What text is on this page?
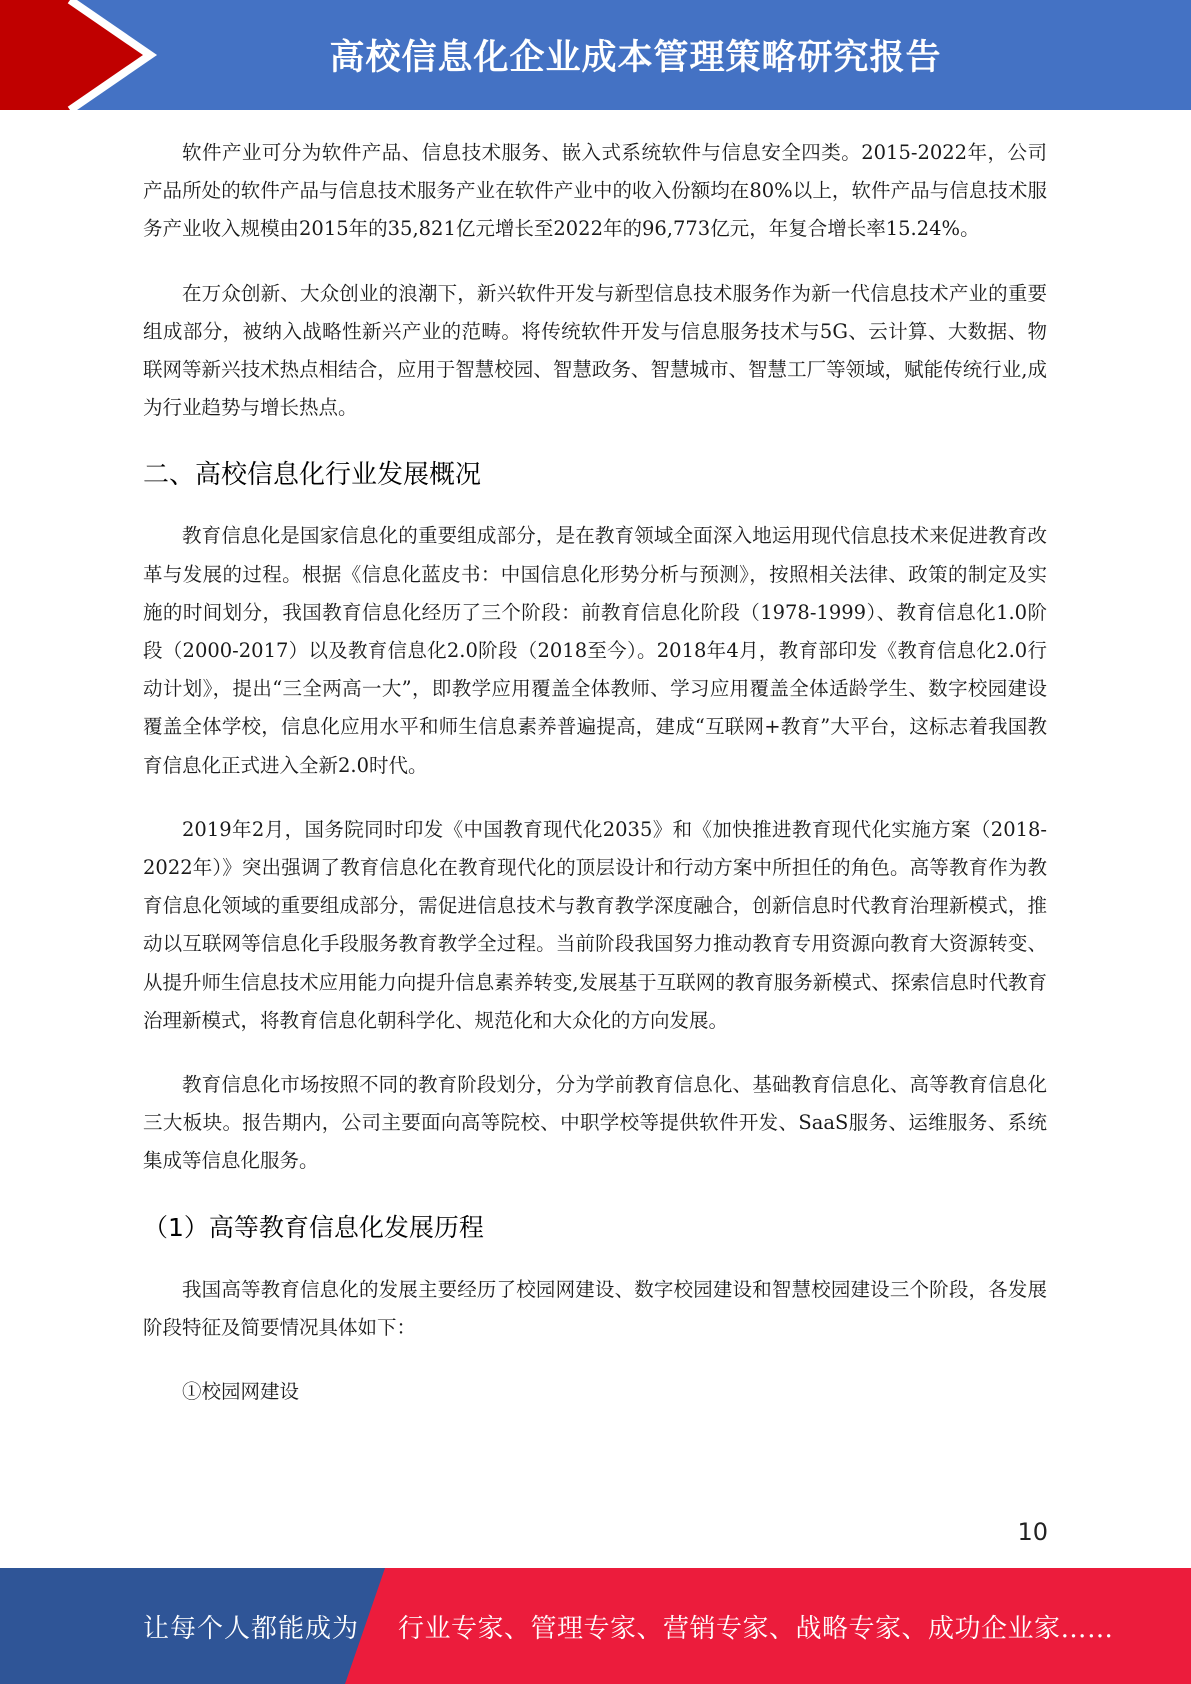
高校信息化企业成本管理策略研究报告

软件产业可分为软件产品、信息技术服务、嵌入式系统软件与信息安全四类。2015-2022年，公司产品所处的软件产品与信息技术服务产业在软件产业中的收入份额均在80%以上，软件产品与信息技术服务产业收入规模由2015年的35,821亿元增长至2022年的96,773亿元，年复合增长率15.24%。

在万众创新、大众创业的浪潮下，新兴软件开发与新型信息技术服务作为新一代信息技术产业的重要组成部分，被纳入战略性新兴产业的范畴。将传统软件开发与信息服务技术与5G、云计算、大数据、物联网等新兴技术热点相结合，应用于智慧校园、智慧政务、智慧城市、智慧工厂等领域，赋能传统行业,成为行业趋势与增长热点。

二、高校信息化行业发展概况

教育信息化是国家信息化的重要组成部分，是在教育领域全面深入地运用现代信息技术来促进教育改革与发展的过程。根据《信息化蓝皮书：中国信息化形势分析与预测》，按照相关法律、政策的制定及实施的时间划分，我国教育信息化经历了三个阶段：前教育信息化阶段（1978-1999）、教育信息化1.0阶段（2000-2017）以及教育信息化2.0阶段（2018至今）。2018年4月，教育部印发《教育信息化2.0行动计划》，提出“三全两高一大”，即教学应用覆盖全体教师、学习应用覆盖全体适龄学生、数字校园建设覆盖全体学校，信息化应用水平和师生信息素养普遍提高，建成“互联网+教育”大平台，这标志着我国教育信息化正式进入全新2.0时代。

2019年2月，国务院同时印发《中国教育现代化2035》和《加快推进教育现代化实施方案（2018-2022年）》突出强调了教育信息化在教育现代化的顶层设计和行动方案中所担任的角色。高等教育作为教育信息化领域的重要组成部分，需促进信息技术与教育教学深度融合，创新信息时代教育治理新模式，推动以互联网等信息化手段服务教育教学全过程。当前阶段我国努力推动教育专用资源向教育大资源转变、从提升师生信息技术应用能力向提升信息素养转变,发展基于互联网的教育服务新模式、探索信息时代教育治理新模式，将教育信息化朝科学化、规范化和大众化的方向发展。

教育信息化市场按照不同的教育阶段划分，分为学前教育信息化、基础教育信息化、高等教育信息化三大板块。报告期内，公司主要面向高等院校、中职学校等提供软件开发、SaaS服务、运维服务、系统集成等信息化服务。

（1）高等教育信息化发展历程

我国高等教育信息化的发展主要经历了校园网建设、数字校园建设和智慧校园建设三个阶段，各发展阶段特征及简要情况具体如下：

①校园网建设

10
让每个人都能成为 行业专家、管理专家、营销专家、战略专家、成功企业家……
